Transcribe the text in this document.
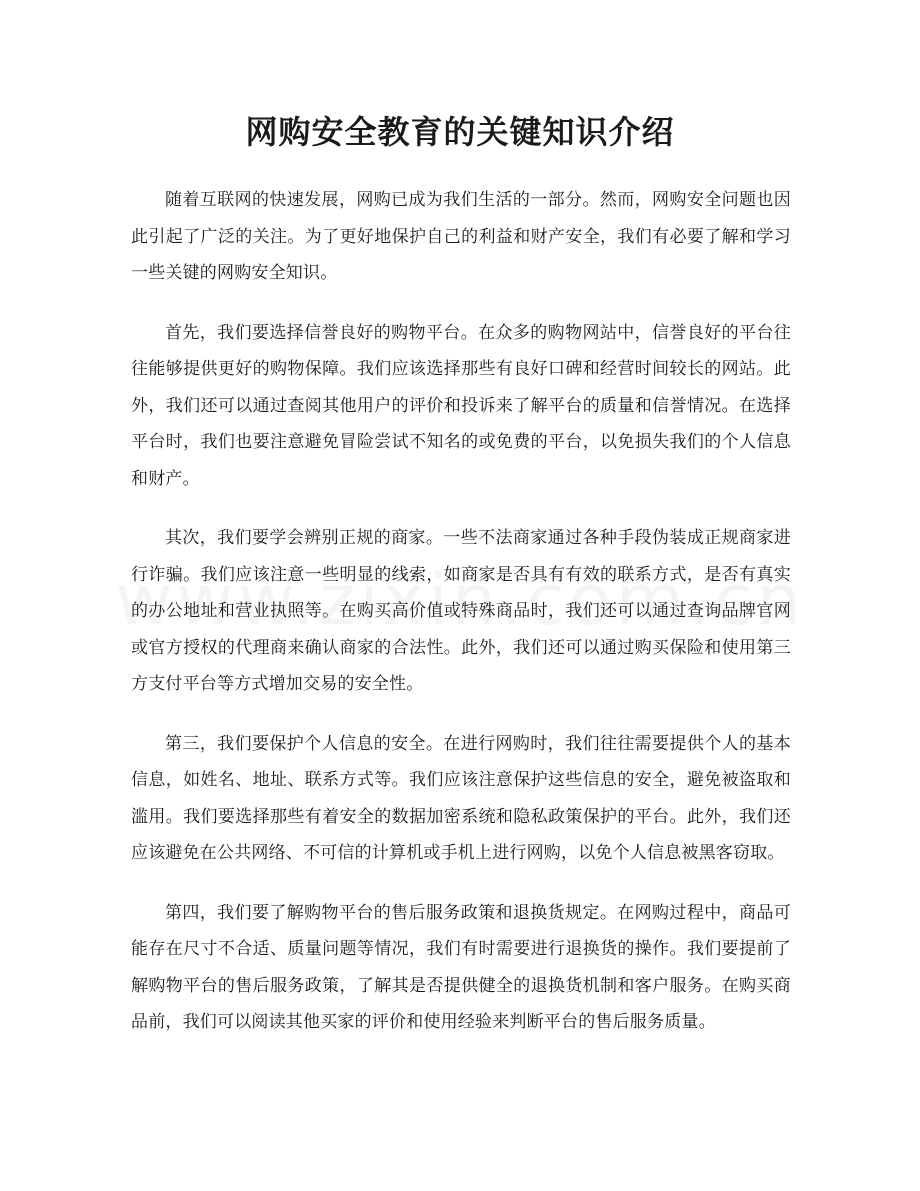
网购安全教育的关键知识介绍

随着互联网的快速发展，网购已成为我们生活的一部分。然而，网购安全问题也因此引起了广泛的关注。为了更好地保护自己的利益和财产安全，我们有必要了解和学习一些关键的网购安全知识。

首先，我们要选择信誉良好的购物平台。在众多的购物网站中，信誉良好的平台往往能够提供更好的购物保障。我们应该选择那些有良好口碑和经营时间较长的网站。此外，我们还可以通过查阅其他用户的评价和投诉来了解平台的质量和信誉情况。在选择平台时，我们也要注意避免冒险尝试不知名的或免费的平台，以免损失我们的个人信息和财产。

其次，我们要学会辨别正规的商家。一些不法商家通过各种手段伪装成正规商家进行诈骗。我们应该注意一些明显的线索，如商家是否具有有效的联系方式，是否有真实的办公地址和营业执照等。在购买高价值或特殊商品时，我们还可以通过查询品牌官网或官方授权的代理商来确认商家的合法性。此外，我们还可以通过购买保险和使用第三方支付平台等方式增加交易的安全性。

第三，我们要保护个人信息的安全。在进行网购时，我们往往需要提供个人的基本信息，如姓名、地址、联系方式等。我们应该注意保护这些信息的安全，避免被盗取和滥用。我们要选择那些有着安全的数据加密系统和隐私政策保护的平台。此外，我们还应该避免在公共网络、不可信的计算机或手机上进行网购，以免个人信息被黑客窃取。

第四，我们要了解购物平台的售后服务政策和退换货规定。在网购过程中，商品可能存在尺寸不合适、质量问题等情况，我们有时需要进行退换货的操作。我们要提前了解购物平台的售后服务政策，了解其是否提供健全的退换货机制和客户服务。在购买商品前，我们可以阅读其他买家的评价和使用经验来判断平台的售后服务质量。
